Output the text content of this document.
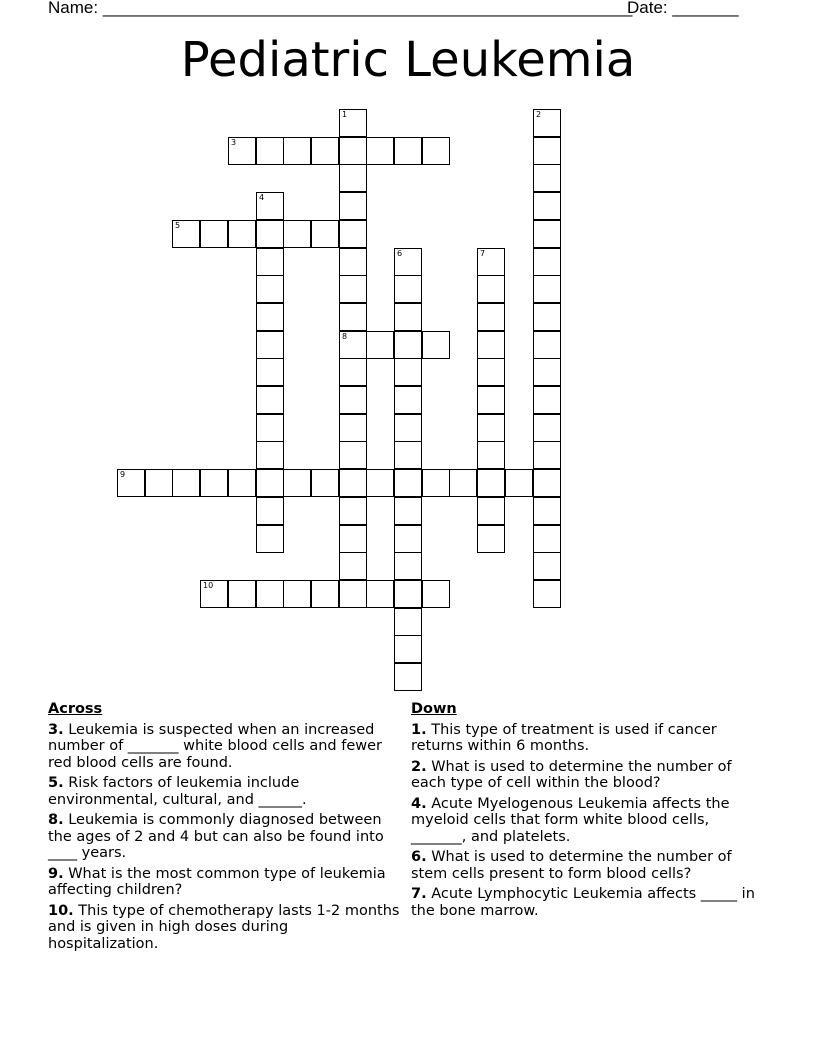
Name: ________________________________________________________
Date: _______
Pediatric Leukemia
1
8
2
3
4
5
6	7
9
10
Across
3. Leukemia is suspected when an increased number of _______ white blood cells and fewer red blood cells are found.
5. Risk factors of leukemia include environmental, cultural, and ______.
8. Leukemia is commonly diagnosed between the ages of 2 and 4 but can also be found into ____ years.
9. What is the most common type of leukemia affecting children?
10. This type of chemotherapy lasts 1-2 months and is given in high doses during hospitalization.
Down
1. This type of treatment is used if cancer returns within 6 months.
2. What is used to determine the number of each type of cell within the blood?
4. Acute Myelogenous Leukemia affects the myeloid cells that form white blood cells, _______, and platelets.
6. What is used to determine the number of stem cells present to form blood cells?
7. Acute Lymphocytic Leukemia affects _____ in the bone marrow.
